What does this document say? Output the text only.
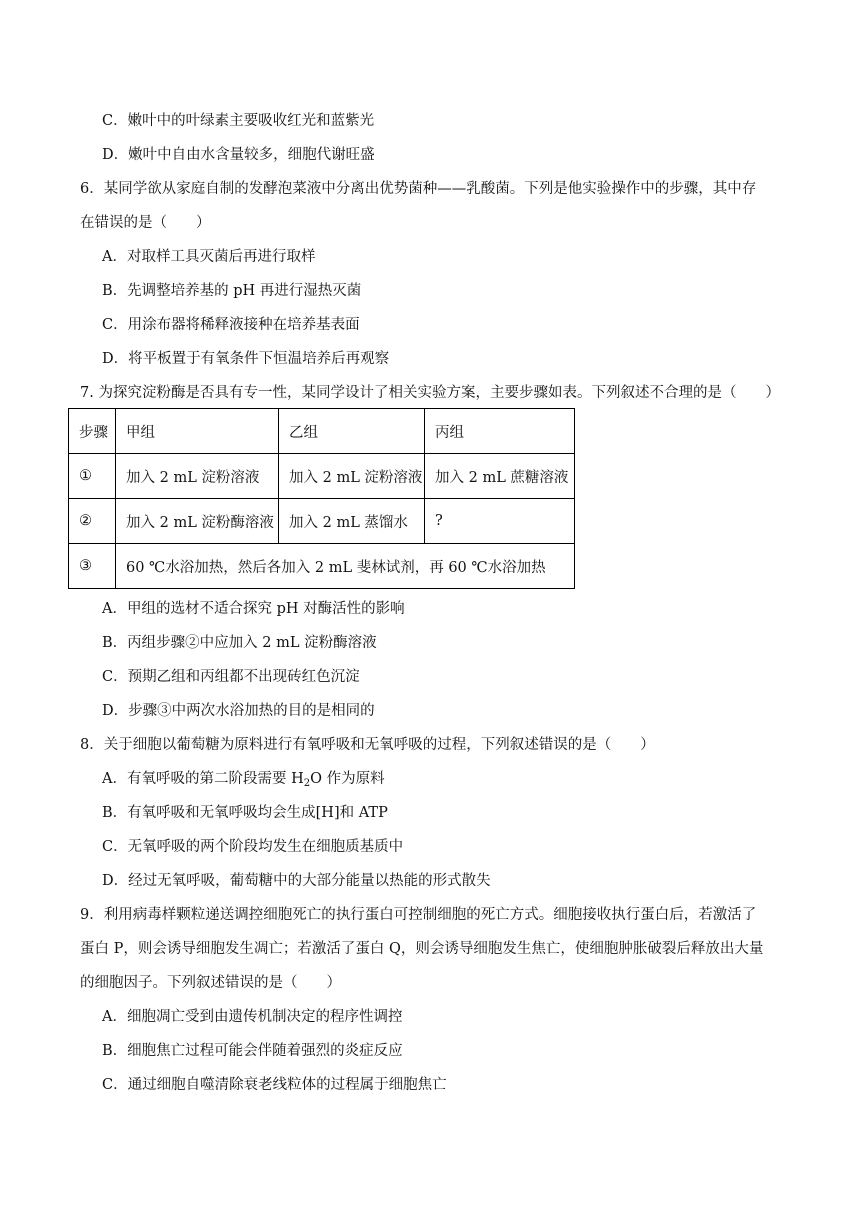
C．嫩叶中的叶绿素主要吸收红光和蓝紫光
D．嫩叶中自由水含量较多，细胞代谢旺盛
6．某同学欲从家庭自制的发酵泡菜液中分离出优势菌种——乳酸菌。下列是他实验操作中的步骤，其中存
在错误的是（　　）
A．对取样工具灭菌后再进行取样
B．先调整培养基的 pH 再进行湿热灭菌
C．用涂布器将稀释液接种在培养基表面
D．将平板置于有氧条件下恒温培养后再观察
7. 为探究淀粉酶是否具有专一性，某同学设计了相关实验方案，主要步骤如表。下列叙述不合理的是（　　）
步骤	甲组	乙组	丙组
①	加入 2 mL 淀粉溶液	加入 2 mL 淀粉溶液	加入 2 mL 蔗糖溶液
②	加入 2 mL 淀粉酶溶液	加入 2 mL 蒸馏水	?
③	60 ℃水浴加热，然后各加入 2 mL 斐林试剂，再 60 ℃水浴加热		
A．甲组的选材不适合探究 pH 对酶活性的影响
B．丙组步骤②中应加入 2 mL 淀粉酶溶液
C．预期乙组和丙组都不出现砖红色沉淀
D．步骤③中两次水浴加热的目的是相同的
8．关于细胞以葡萄糖为原料进行有氧呼吸和无氧呼吸的过程，下列叙述错误的是（　　）
A．有氧呼吸的第二阶段需要 $H_2O$ 作为原料
B．有氧呼吸和无氧呼吸均会生成[H]和 ATP
C．无氧呼吸的两个阶段均发生在细胞质基质中
D．经过无氧呼吸，葡萄糖中的大部分能量以热能的形式散失
9．利用病毒样颗粒递送调控细胞死亡的执行蛋白可控制细胞的死亡方式。细胞接收执行蛋白后，若激活了
蛋白 P，则会诱导细胞发生凋亡；若激活了蛋白 Q，则会诱导细胞发生焦亡，使细胞肿胀破裂后释放出大量
的细胞因子。下列叙述错误的是（　　）
A．细胞凋亡受到由遗传机制决定的程序性调控
B．细胞焦亡过程可能会伴随着强烈的炎症反应
C．通过细胞自噬清除衰老线粒体的过程属于细胞焦亡
